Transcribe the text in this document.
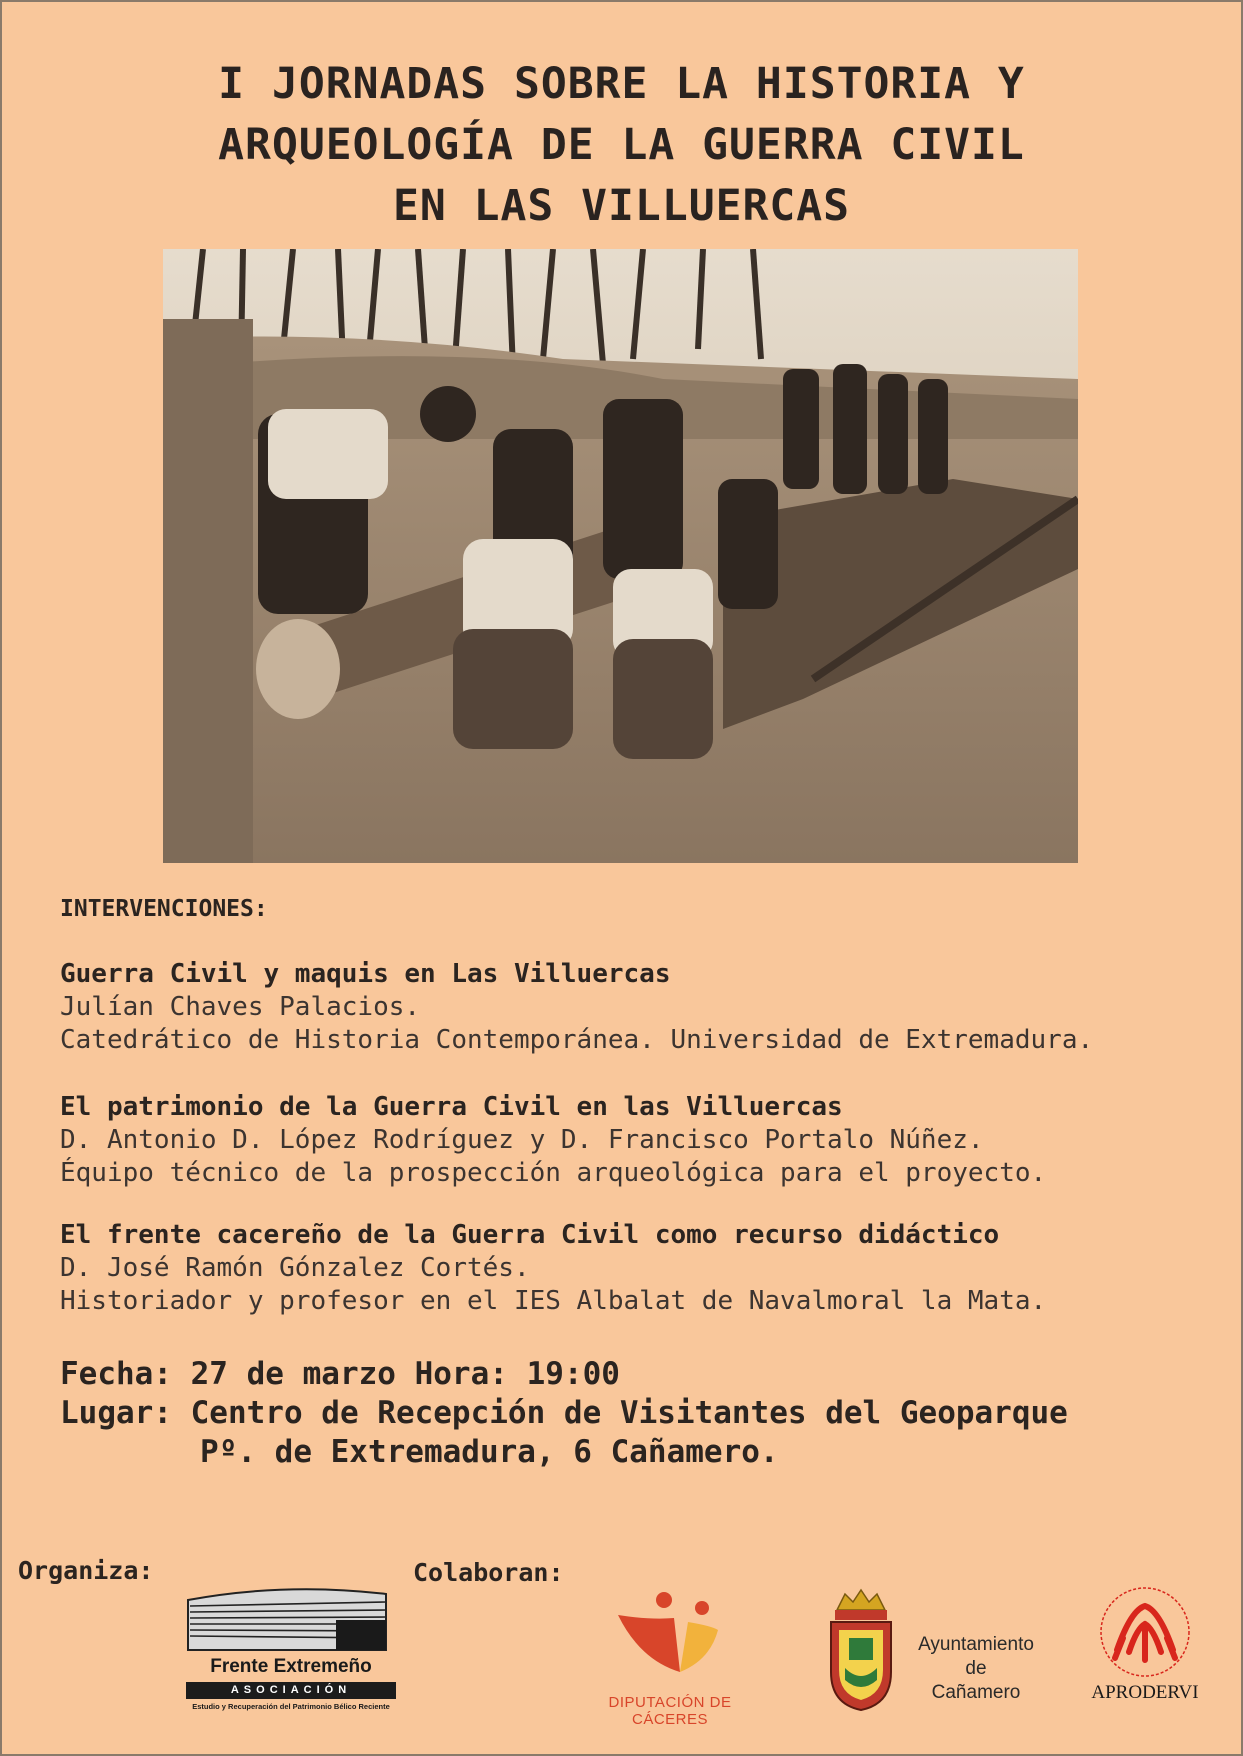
I JORNADAS SOBRE LA HISTORIA Y
ARQUEOLOGÍA DE LA GUERRA CIVIL
EN LAS VILLUERCAS
INTERVENCIONES:
Guerra Civil y maquis en Las Villuercas
Julían Chaves Palacios.
Catedrático de Historia Contemporánea. Universidad de Extremadura.
El patrimonio de la Guerra Civil en las Villuercas
D. Antonio D. López Rodríguez y D. Francisco Portalo Núñez.
Équipo técnico de la prospección arqueológica para el proyecto.
El frente cacereño de la Guerra Civil como recurso didáctico
D. José Ramón Gónzalez Cortés.
Historiador y profesor en el IES Albalat de Navalmoral la Mata.
Fecha: 27 de marzo Hora: 19:00
Lugar: Centro de Recepción de Visitantes del Geoparque
Pº. de Extremadura, 6 Cañamero.
Organiza:	Colaboran:
Frente Extremeño
ASOCIACIÓN
Estudio y Recuperación del Patrimonio Bélico Reciente	DIPUTACIÓN DE CÁCERES
Ayuntamiento
de
Cañamero	APRODERVI
